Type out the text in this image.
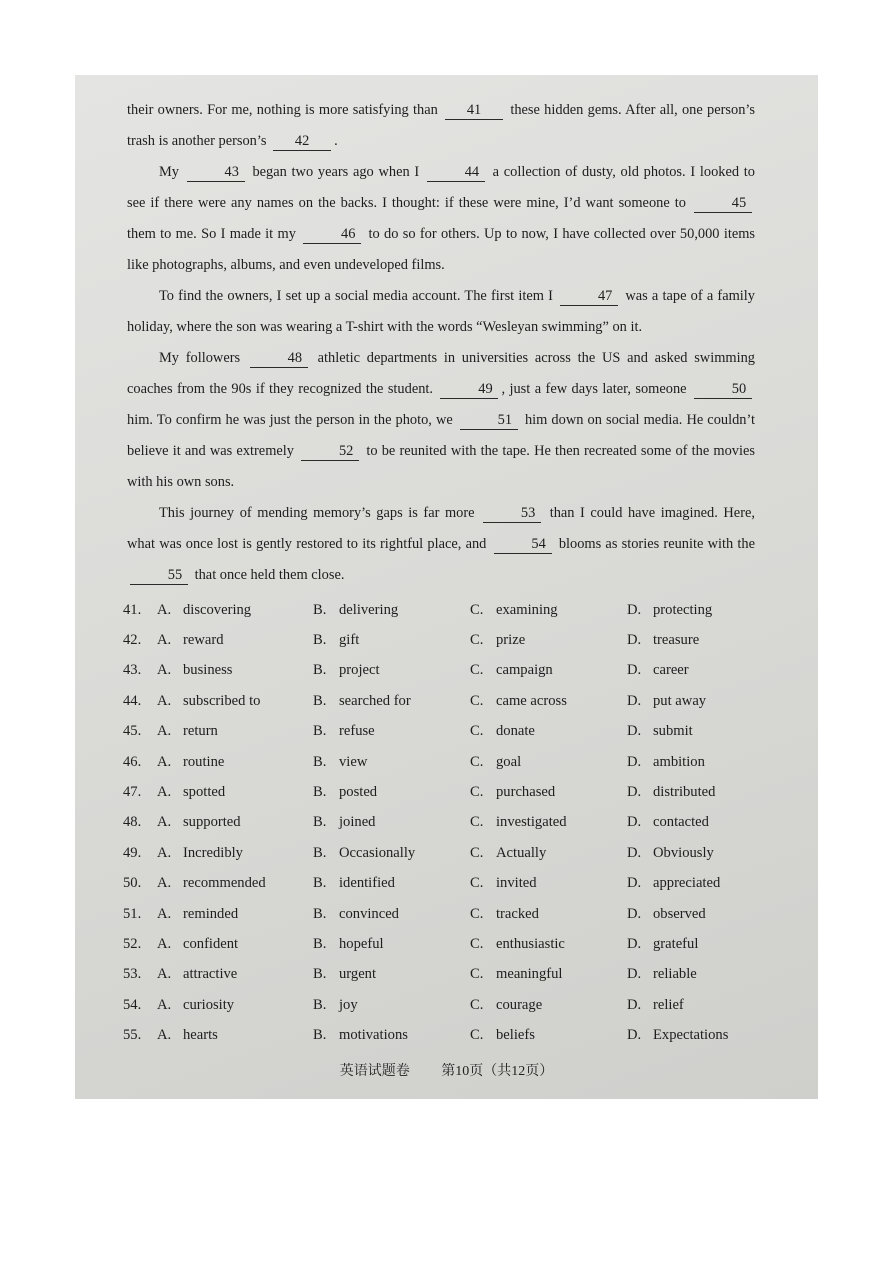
their owners. For me, nothing is more satisfying than 41 these hidden gems. After all, one person’s trash is another person’s 42 .

My	43 began two years ago when I	44 a collection of dusty, old photos. I looked to see if there were any names on the backs. I thought: if these were mine, I’d want someone to	45 them to me. So I made it my	46 to do so for others. Up to now, I have collected over 50,000 items like photographs, albums, and even undeveloped films.

To find the owners, I set up a social media account. The first item I	47 was a tape of a family holiday, where the son was wearing a T-shirt with the words “Wesleyan swimming” on it.

My followers	48 athletic departments in universities across the US and asked swimming coaches from the 90s if they recognized the student.	49 , just a few days later, someone	50 him. To confirm he was just the person in the photo, we	51 him down on social media. He couldn’t believe it and was extremely	52 to be reunited with the tape. He then recreated some of the movies with his own sons.

This journey of mending memory’s gaps is far more	53 than I could have imagined. Here, what was once lost is gently restored to its rightful place, and	54 blooms as stories reunite with the 55 that once held them close.

41.	A. discovering	B. delivering	C. examining	D. protecting
42.	A. reward	B. gift	C. prize	D. treasure
43.	A. business	B. project	C. campaign	D. career
44.	A. subscribed to	B. searched for	C. came across	D. put away
45.	A. return	B. refuse	C. donate	D. submit
46.	A. routine	B. view	C. goal	D. ambition
47.	A. spotted	B. posted	C. purchased	D. distributed
48.	A. supported	B. joined	C. investigated	D. contacted
49.	A. Incredibly	B. Occasionally	C. Actually	D. Obviously
50.	A. recommended	B. identified	C. invited	D. appreciated
51.	A. reminded	B. convinced	C. tracked	D. observed
52.	A. confident	B. hopeful	C. enthusiastic	D. grateful
53.	A. attractive	B. urgent	C. meaningful	D. reliable
54.	A. curiosity	B. joy	C. courage	D. relief
55.	A. hearts	B. motivations	C. beliefs	D. Expectations
英语试题卷 第10页（共12页）
